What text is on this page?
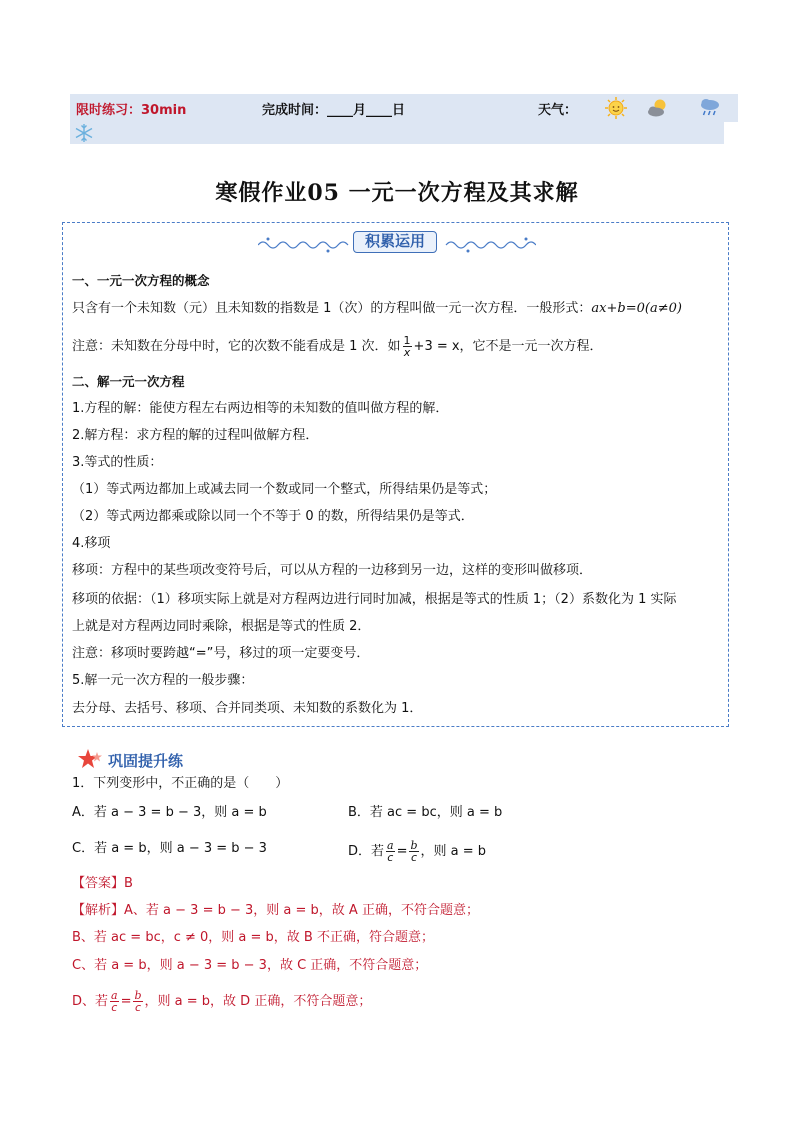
限时练习：30min	完成时间：____月____日	天气：
寒假作业05 一元一次方程及其求解
积累运用
一、一元一次方程的概念
只含有一个未知数（元）且未知数的指数是 1（次）的方程叫做一元一次方程．一般形式：ax+b=0(a≠0)
注意：未知数在分母中时，它的次数不能看成是 1 次．如 $\frac{1}{x} +3 = x$，它不是一元一次方程．
二、解一元一次方程
1.方程的解：能使方程左右两边相等的未知数的值叫做方程的解．
2.解方程：求方程的解的过程叫做解方程．
3.等式的性质：
（1）等式两边都加上或减去同一个数或同一个整式，所得结果仍是等式；
（2）等式两边都乘或除以同一个不等于 0 的数，所得结果仍是等式．
4.移项
移项：方程中的某些项改变符号后，可以从方程的一边移到另一边，这样的变形叫做移项．
移项的依据：（1）移项实际上就是对方程两边进行同时加减，根据是等式的性质 1；（2）系数化为 1 实际
上就是对方程两边同时乘除，根据是等式的性质 2．
注意：移项时要跨越“=”号，移过的项一定要变号．
5.解一元一次方程的一般步骤：
去分母、去括号、移项、合并同类项、未知数的系数化为 1．
巩固提升练
1．下列变形中，不正确的是（　　）
A．若 a − 3 = b − 3，则 a = b	B．若 ac = bc，则 a = b
C．若 a = b，则 a − 3 = b − 3	D．若 $\frac{a}{c} = \frac{b}{c}$ ，则 a = b
【答案】B
【解析】A、若 a − 3 = b − 3，则 a = b，故 A 正确，不符合题意；
B、若 ac = bc，c ≠ 0，则 a = b，故 B 不正确，符合题意；
C、若 a = b，则 a − 3 = b − 3，故 C 正确，不符合题意；
D、若 $\frac{a}{c} = \frac{b}{c}$ ，则 a = b，故 D 正确，不符合题意；
